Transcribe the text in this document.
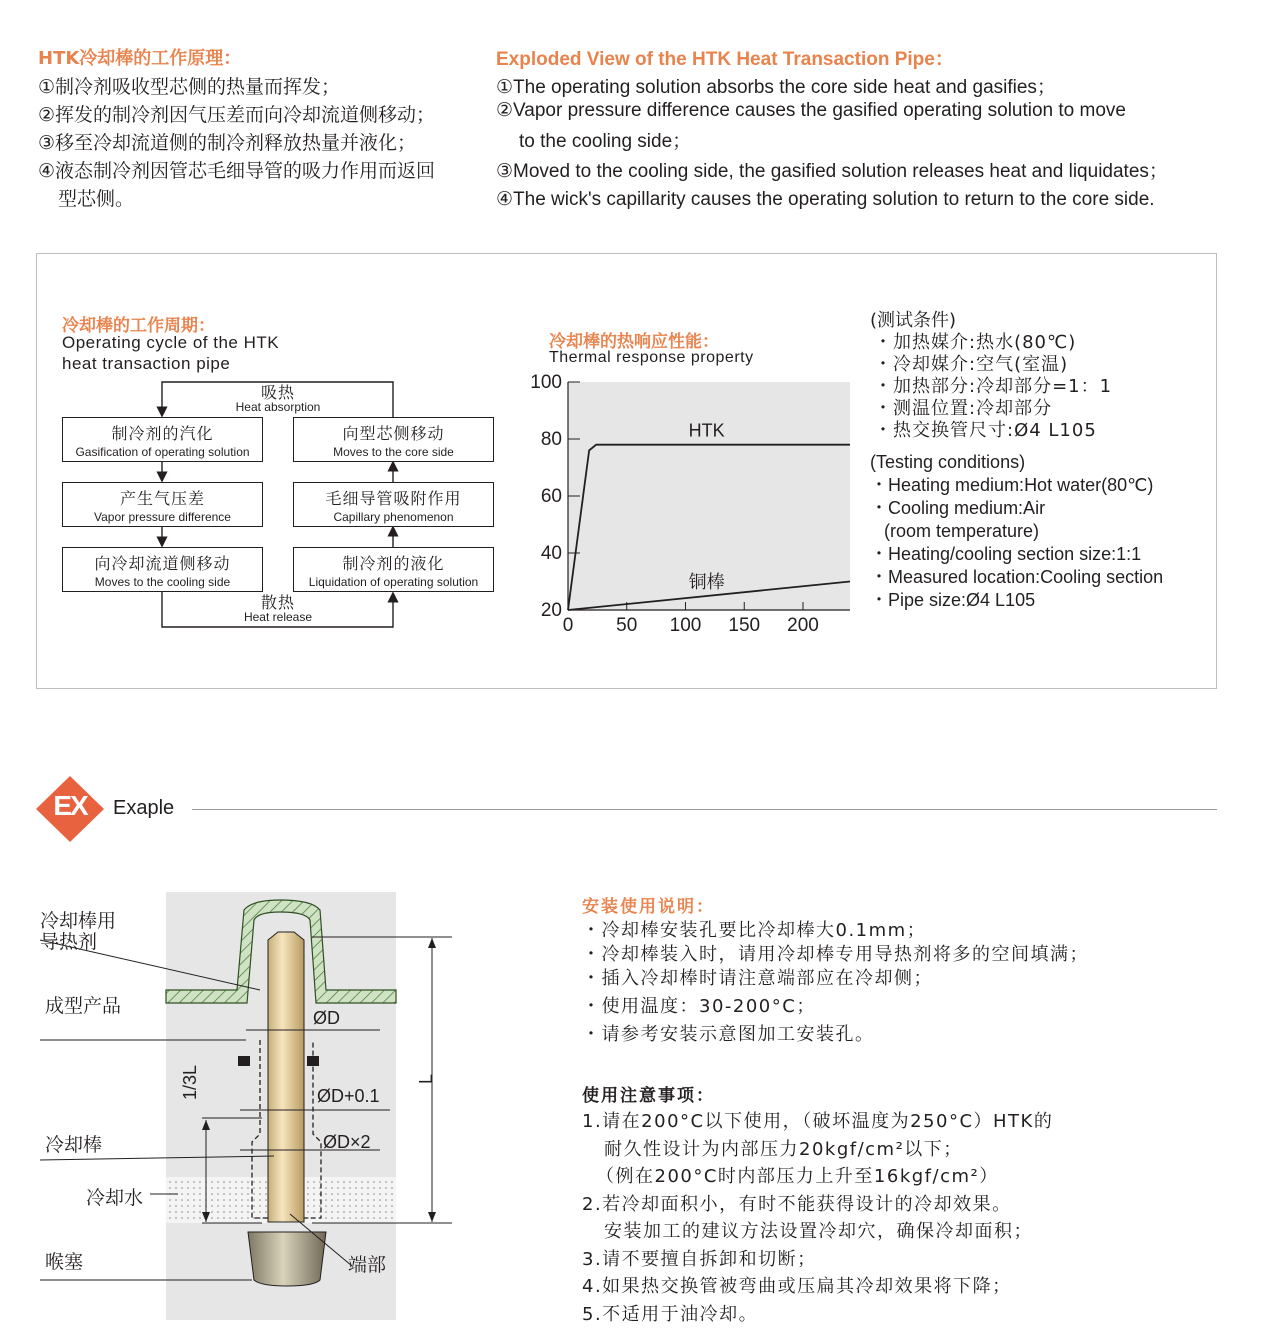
HTK冷却棒的工作原理：
①制冷剂吸收型芯侧的热量而挥发；
②挥发的制冷剂因气压差而向冷却流道侧移动；
③移至冷却流道侧的制冷剂释放热量并液化；
④液态制冷剂因管芯毛细导管的吸力作用而返回
型芯侧。
Exploded View of the HTK Heat Transaction Pipe：
①The operating solution absorbs the core side heat and gasifies；
②Vapor pressure difference causes the gasified operating solution to move
to the cooling side；
③Moved to the cooling side, the gasified solution releases heat and liquidates；
④The wick's capillarity causes the operating solution to return to the core side.
冷却棒的工作周期：
Operating cycle of the HTK
heat transaction pipe
吸热
Heat absorption
散热
Heat release
制冷剂的汽化
Gasification of operating solution
向型芯侧移动
Moves to the core side
产生气压差
Vapor pressure difference
毛细导管吸附作用
Capillary phenomenon
向冷却流道侧移动
Moves to the cooling side
制冷剂的液化
Liquidation of operating solution
冷却棒的热响应性能：
Thermal response property
100
80
60
40
20
0 50 100 150 200
HTK
铜棒
(测试条件)
・加热媒介:热水(80℃)
・冷却媒介:空气(室温)
・加热部分:冷却部分=1：1
・测温位置:冷却部分
・热交换管尺寸:Ø4 L105
(Testing conditions)
・Heating medium:Hot water(80℃)
・Cooling medium:Air
(room temperature)
・Heating/cooling section size:1:1
・Measured location:Cooling section
・Pipe size:Ø4 L105
EX	Exaple
冷却棒用
导热剂
成型产品
冷却棒
冷却水
喉塞	端部
ØD
ØD+0.1
ØD×2
1/3L	L
安装使用说明：
・冷却棒安装孔要比冷却棒大0.1mm；
・冷却棒装入时，请用冷却棒专用导热剂将多的空间填满；
・插入冷却棒时请注意端部应在冷却侧；
・使用温度：30-200°C；
・请参考安装示意图加工安装孔。
使用注意事项：
1.请在200°C以下使用，（破坏温度为250°C）HTK的
耐久性设计为内部压力20kgf/cm²以下；
（例在200°C时内部压力上升至16kgf/cm²）
2.若冷却面积小，有时不能获得设计的冷却效果。
安装加工的建议方法设置冷却穴，确保冷却面积；
3.请不要擅自拆卸和切断；
4.如果热交换管被弯曲或压扁其冷却效果将下降；
5.不适用于油冷却。
